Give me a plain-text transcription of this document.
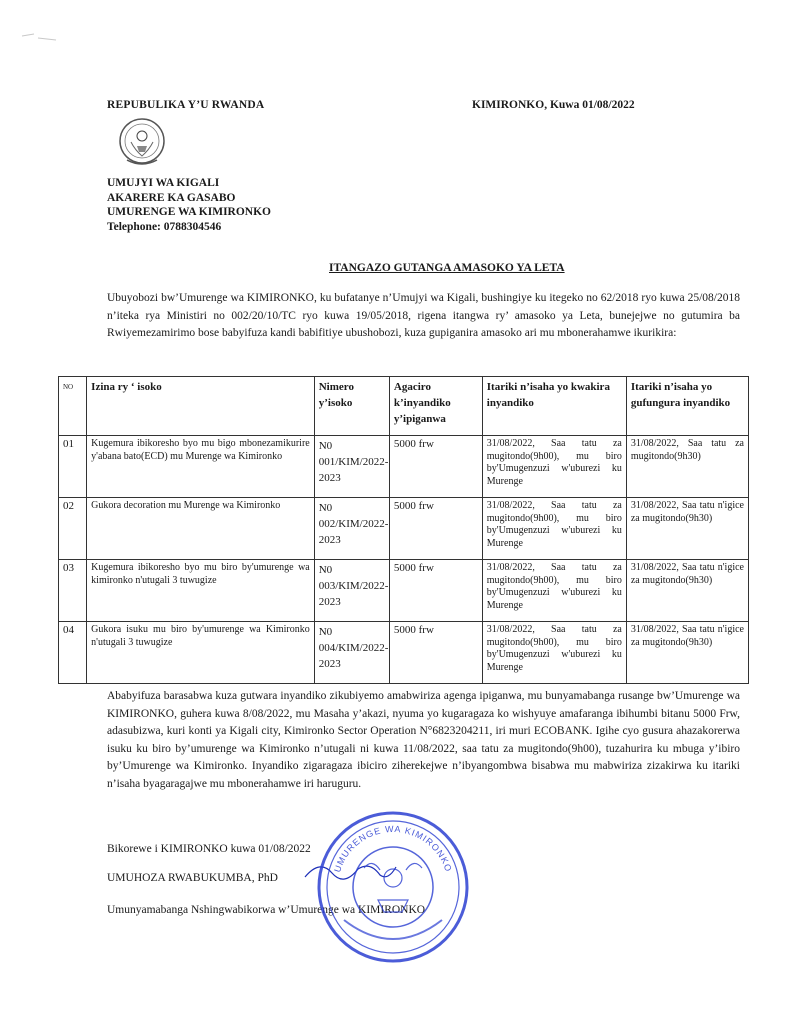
REPUBULIKA Y’U RWANDA	KIMIRONKO, Kuwa 01/08/2022
UMUJYI WA KIGALI
AKARERE KA GASABO
UMURENGE WA KIMIRONKO
Telephone: 0788304546
ITANGAZO GUTANGA AMASOKO YA LETA
Ubuyobozi bw’Umurenge wa KIMIRONKO, ku bufatanye n’Umujyi wa Kigali, bushingiye ku itegeko no 62/2018 ryo kuwa 25/08/2018 n’iteka rya Ministiri no 002/20/10/TC ryo kuwa 19/05/2018, rigena itangwa ry’ amasoko ya Leta, bunejejwe no gutumira ba Rwiyemezamirimo bose babyifuza kandi babifitiye ubushobozi, kuza gupiganira amasoko ari mu mbonerahamwe ikurikira:
NO	Izina ry ‘ isoko	Nimero y’isoko	Agaciro k’inyandiko y’ipiganwa	Itariki n’isaha yo kwakira inyandiko	Itariki n’isaha yo gufungura inyandiko
01	Kugemura ibikoresho byo mu bigo mbonezamikurire y'abana bato(ECD) mu Murenge wa Kimironko	N0 001/KIM/2022-2023	5000 frw	31/08/2022, Saa tatu za mugitondo(9h00), mu biro by'Umugenzuzi w'uburezi ku Murenge	31/08/2022, Saa tatu za mugitondo(9h30)
02	Gukora decoration mu Murenge wa Kimironko	N0 002/KIM/2022-2023	5000 frw	31/08/2022, Saa tatu za mugitondo(9h00), mu biro by'Umugenzuzi w'uburezi ku Murenge	31/08/2022, Saa tatu n'igice za mugitondo(9h30)
03	Kugemura ibikoresho byo mu biro by'umurenge wa kimironko n'utugali 3 tuwugize	N0 003/KIM/2022-2023	5000 frw	31/08/2022, Saa tatu za mugitondo(9h00), mu biro by'Umugenzuzi w'uburezi ku Murenge	31/08/2022, Saa tatu n'igice za mugitondo(9h30)
04	Gukora isuku mu biro by'umurenge wa Kimironko n'utugali 3 tuwugize	N0 004/KIM/2022-2023	5000 frw	31/08/2022, Saa tatu za mugitondo(9h00), mu biro by'Umugenzuzi w'uburezi ku Murenge	31/08/2022, Saa tatu n'igice za mugitondo(9h30)
Ababyifuza barasabwa kuza gutwara inyandiko zikubiyemo amabwiriza agenga ipiganwa, mu bunyamabanga rusange bw’Umurenge wa KIMIRONKO, guhera kuwa 8/08/2022, mu Masaha y’akazi, nyuma yo kugaragaza ko wishyuye amafaranga ibihumbi bitanu 5000 Frw, adasubizwa, kuri konti ya Kigali city, Kimironko Sector Operation N°6823204211, iri muri ECOBANK. Igihe cyo gusura ahazakorerwa isuku ku biro by’umurenge wa Kimironko n’utugali ni kuwa 11/08/2022, saa tatu za mugitondo(9h00), tuzahurira ku mbuga y’ibiro by’Umurenge wa Kimironko. Inyandiko zigaragaza ibiciro ziherekejwe n’ibyangombwa bisabwa mu mabwiriza zizakirwa ku itariki n’isaha byagaragajwe mu mbonerahamwe iri haruguru.
Bikorewe i KIMIRONKO kuwa 01/08/2022
UMUHOZA RWABUKUMBA, PhD
Umunyamabanga Nshingwabikorwa w’Umurenge wa KIMIRONKO
UMURENGE WA KIMIRONKO
